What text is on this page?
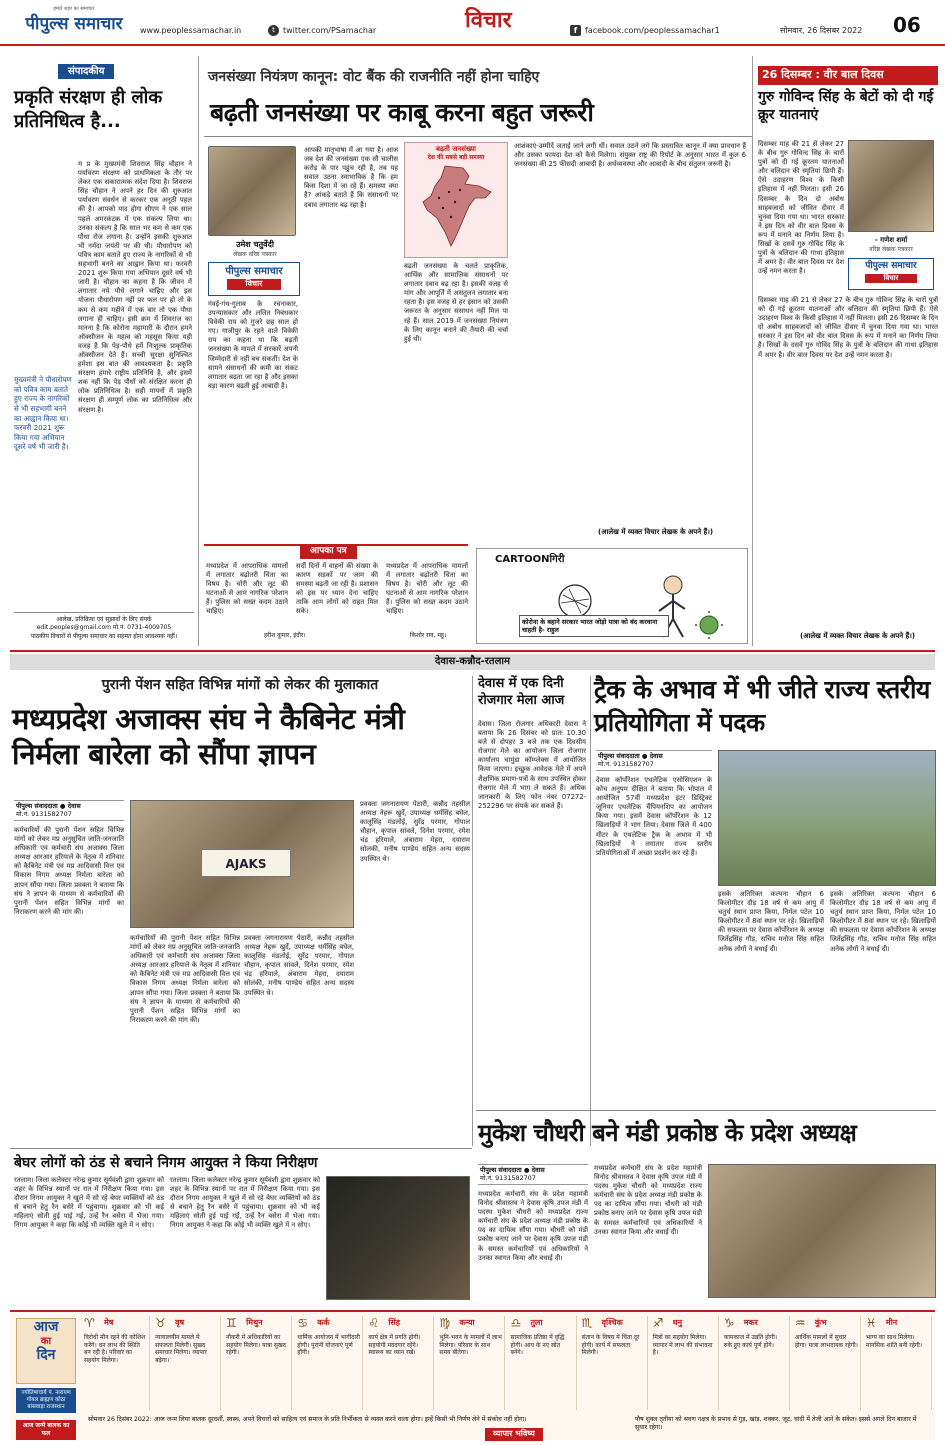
हमारे शहर का समाचार
पीपुल्स समाचार	www.peoplessamachar.in	t	twitter.com/PSamachar	विचार	f facebook.com/peoplessamachar1	सोमवार, 26 दिसंबर 2022 06
संपादकीय
प्रकृति संरक्षण ही लोक प्रतिनिधित्व है...
म प्र के मुख्यमंत्री शिवराज सिंह चौहान ने पर्यावरण संरक्षण को प्राथमिकता के तौर पर लेकर एक सकारात्मक संदेश दिया है। शिवराज सिंह चौहान ने अपने हर दिन की शुरुआत पर्यावरण संवर्धन से करकर एक अनूठी पहल की है। आपको याद होगा सीएम ने एक साल पहले अमरकंटक में एक संकल्प लिया था। उनका संकल्प है कि साल भर कम से कम एक पौधा रोज लगाना है। उन्होंने इसकी शुरुआत भी नर्मदा जयंती पर की थी। पौधारोपण को पवित्र काम बताते हुए राज्य के नागरिकों से भी सहभागी बनने का आह्वान किया था। फरवरी 2021 शुरू किया गया अभियान दूसरे वर्ष भी जारी है। चौहान का कहना है कि जीवन में लगातार नये पौधे लगाने चाहिए और इस योजना पौधारोपण नहीं पर फल पर हो तो के कम से कम महीने में एक बार तो एक पौधा लगाना ही चाहिए। इसी क्रम में शिवराज का मानना है कि कोरोना महामारी के दौरान हमने ऑक्सीजन के महत्व को महसूस किया यही वजह है कि पेड़-पौधे हमें निःशुल्क प्राकृतिक ऑक्सीजन देते हैं। सच्ची सुरक्षा सुनिश्चित हमेशा इस बात की आवश्यकता है। प्रकृति संरक्षण हमारे राष्ट्रीय प्रतिनिधि है, और इसमें शक नहीं कि पेड़ पौधों को संरक्षित करना ही लोक प्रतिनिधित्व है। सही मायनों में प्रकृति संरक्षण ही सम्पूर्ण लोक का प्रतिनिधित्व और संरक्षण है।
मुख्यमंत्री ने पौधारोपण को पवित्र काम बताते हुए राज्य के नागरिकों से भी सहभागी बनने का आह्वान किया था। फरवरी 2021 शुरू किया गया अभियान दूसरे वर्ष भी जारी है।
आलेख, प्रतिक्रिया एवं सुझावों के लिए संपर्क
edit.peoples@gmail.com मो.नं. 0731-4009705
पाठकीय विचारों से पीपुल्स समाचार का सहमत होना आवश्यक नहीं।
जनसंख्या नियंत्रण कानून: वोट बैंक की राजनीति नहीं होना चाहिए
बढ़ती जनसंख्या पर काबू करना बहुत जरूरी
उमेश चतुर्वेदी
लेखक वरिष्ठ पत्रकार
पीपुल्स समाचार
विचार
गंवई-गंध-गुलाब के रचनाकार, उपन्यासकार और ललित निबंधकार विवेकी राय को गुजरे छह साल हो गए। गाजीपुर के रहने वाले विवेकी राय का कहना था कि बढ़ती जनसंख्या के मामले में सरकारें अपनी जिम्मेदारी से नहीं बच सकतीं। देश के सामने संसाधनों की कमी का संकट लगातार बढ़ता जा रहा है और इसका बड़ा कारण बढ़ती हुई आबादी है।
आपकी मातृभाषा में आ गया है। आज जब देश की जनसंख्या एक सौ चालीस करोड़ के पार पहुंच रही है, तब यह सवाल उठना स्वाभाविक है कि हम किस दिशा में जा रहे हैं। समस्या क्या है? आंकड़े बताते हैं कि संसाधनों पर दबाव लगातार बढ़ रहा है।
बढ़ती जनसंख्या
देश की सबसे बड़ी समस्या
बढ़ती जनसंख्या के चलते प्राकृतिक, आर्थिक और सामाजिक संसाधनों पर लगातार दबाव बढ़ रहा है। इसकी वजह से मांग और आपूर्ति में असंतुलन लगातार बना रहता है। इस वजह से हर इंसान को उसकी जरूरत के अनुसार संसाधन नहीं मिल पा रहे हैं। साल 2019 में जनसंख्या नियंत्रण के लिए कानून बनाने की तैयारी की चर्चा हुई थी।
आशंकाएं-उम्मीदें जताई जाने लगी थीं। सवाल उठने लगे कि प्रस्तावित कानून में क्या प्रावधान हैं और उसका फायदा देश को कैसे मिलेगा। संयुक्त राष्ट्र की रिपोर्ट के अनुसार भारत में कुल 6 जनसंख्या की 25 फीसदी आबादी है। अर्थव्यवस्था और आबादी के बीच संतुलन जरूरी है।
(आलेख में व्यक्त विचार लेखक के अपने हैं।)
26 दिसम्बर : वीर बाल दिवस
गुरु गोविन्द सिंह के बेटों को दी गई क्रूर यातनाएं
- गणेश शर्मा
वरिष्ठ लेखक पत्रकार
पीपुल्स समाचार
विचार
दिसम्बर माह की 21 से लेकर 27 के बीच गुरु गोविन्द सिंह के चारों पुत्रों को दी गई क्रूरतम यातनाओं और बलिदान की स्मृतियां छिपी हैं। ऐसे उदाहरण विश्व के किसी इतिहास में नहीं मिलता। इसी 26 दिसम्बर के दिन दो अबोध साहबजादों को जीवित दीवार में चुनवा दिया गया था। भारत सरकार ने इस दिन को वीर बाल दिवस के रूप में मनाने का निर्णय लिया है। सिखों के दसवें गुरु गोविंद सिंह के पुत्रों के बलिदान की गाथा इतिहास में अमर है। वीर बाल दिवस पर देश उन्हें नमन करता है।
दिसम्बर माह की 21 से लेकर 27 के बीच गुरु गोविन्द सिंह के चारों पुत्रों को दी गई क्रूरतम यातनाओं और बलिदान की स्मृतियां छिपी हैं। ऐसे उदाहरण विश्व के किसी इतिहास में नहीं मिलता। इसी 26 दिसम्बर के दिन दो अबोध साहबजादों को जीवित दीवार में चुनवा दिया गया था। भारत सरकार ने इस दिन को वीर बाल दिवस के रूप में मनाने का निर्णय लिया है। सिखों के दसवें गुरु गोविंद सिंह के पुत्रों के बलिदान की गाथा इतिहास में अमर है। वीर बाल दिवस पर देश उन्हें नमन करता है।
(आलेख में व्यक्त विचार लेखक के अपने हैं।)
आपका पत्र
मध्यप्रदेश में आपराधिक मामलों में लगातार बढ़ोतरी चिंता का विषय है। चोरी और लूट की घटनाओं से आम नागरिक परेशान हैं। पुलिस को सख्त कदम उठाने चाहिए।
सर्दी दिनों में वाहनों की संख्या के कारण सड़कों पर जाम की समस्या बढ़ती जा रही है। प्रशासन को इस पर ध्यान देना चाहिए ताकि आम लोगों को राहत मिल सके।
मध्यप्रदेश में आपराधिक मामलों में लगातार बढ़ोतरी चिंता का विषय है। चोरी और लूट की घटनाओं से आम नागरिक परेशान हैं। पुलिस को सख्त कदम उठाने चाहिए।
हरीश कुमार, इंदौर।	किशोर राव, महू।
CARTOONगिरी
कोरोना के बहाने सरकार भारत जोड़ो यात्रा को बंद करवाना चाहती है- राहुल
देवास-कन्नौद-रतलाम
पुरानी पेंशन सहित विभिन्न मांगों को लेकर की मुलाकात
मध्यप्रदेश अजाक्स संघ ने कैबिनेट मंत्री निर्मला बारेला को सौंपा ज्ञापन
पीपुल्स संवाददाता ● देवास
मो.नं. 9131582707
कर्मचारियों की पुरानी पेंशन सहित विभिन्न मांगों को लेकर मप्र अनुसूचित जाति-जनजाति अधिकारी एवं कर्मचारी संघ अजाक्स जिला अध्यक्ष आरआर हरियाले के नेतृत्व में शनिवार को कैबिनेट मंत्री एवं मप्र आदिवासी वित्त एवं विकास निगम अध्यक्ष निर्मला बारेला को ज्ञापन सौंपा गया। जिला प्रवक्ता ने बताया कि संघ ने ज्ञापन के माध्यम से कर्मचारियों की पुरानी पेंशन सहित विभिन्न मांगों का निराकरण करने की मांग की।
AJAKS
कर्मचारियों की पुरानी पेंशन सहित विभिन्न मांगों को लेकर मप्र अनुसूचित जाति-जनजाति अधिकारी एवं कर्मचारी संघ अजाक्स जिला अध्यक्ष आरआर हरियाले के नेतृत्व में शनिवार को कैबिनेट मंत्री एवं मप्र आदिवासी वित्त एवं विकास निगम अध्यक्ष निर्मला बारेला को ज्ञापन सौंपा गया। जिला प्रवक्ता ने बताया कि संघ ने ज्ञापन के माध्यम से कर्मचारियों की पुरानी पेंशन सहित विभिन्न मांगों का निराकरण करने की मांग की।
प्रवक्ता जगनारायण पेठारी, कन्नौद तहसील अध्यक्ष नेहरू खुर्दे, उपाध्यक्ष धर्मसिंह बघेल, कालूसिंह मंडलोई, सुरेंद्र परमार, गोपाल चौहान, कृपाल सांवले, दिनेश परमार, रमेश चंद्र हरियाले, अंबाराम मेहरा, दयाराम सोलंकी, मनीष पाण्डेय सहित अन्य सदस्य उपस्थित थे।
प्रवक्ता जगनारायण पेठारी, कन्नौद तहसील अध्यक्ष नेहरू खुर्दे, उपाध्यक्ष धर्मसिंह बघेल, कालूसिंह मंडलोई, सुरेंद्र परमार, गोपाल चौहान, कृपाल सांवले, दिनेश परमार, रमेश चंद्र हरियाले, अंबाराम मेहरा, दयाराम सोलंकी, मनीष पाण्डेय सहित अन्य सदस्य उपस्थित थे।
देवास में एक दिनी रोजगार मेला आज
देवास। जिला रोजगार अधिकारी देवास ने बताया कि 26 दिसंबर को प्रातः 10.30 बजे से दोपहर 3 बजे तक एक दिवसीय रोजगार मेले का आयोजन जिला रोजगार कार्यालय चामुंडा कॉम्प्लेक्स में आयोजित किया जाएगा। इच्छुक आवेदक मेले में अपने शैक्षणिक प्रमाण-पत्रों के साथ उपस्थित होकर रोजगार मेले में भाग ले सकते हैं। अधिक जानकारी के लिए फोन नंबर 07272-252296 पर संपर्क कर सकते हैं।
ट्रैक के अभाव में भी जीते राज्य स्तरीय प्रतियोगिता में पदक
पीपुल्स संवाददाता ● देवास
मो.नं. 9131582707
देवास कॉर्पोरेशन एथलेटिक एसोसिएशन के कोच अनुपम दीक्षित ने बताया कि भोपाल में आयोजित 57वीं मध्यप्रदेश इंटर डिस्ट्रिक्ट जूनियर एथलेटिक चैंपियनशिप का आयोजन किया गया। इसमें देवास कॉर्पोरेशन के 12 खिलाड़ियों ने भाग लिया। देवास जिले में 400 मीटर के एथलेटिक ट्रैक के अभाव में भी खिलाड़ियों ने लगातार राज्य स्तरीय प्रतियोगिताओं में अच्छा प्रदर्शन कर रहे हैं।
इसके अतिरिक्त कल्पना चौहान 6 किलोमीटर दौड़ 18 वर्ष से कम आयु में चतुर्थ स्थान प्राप्त किया, निर्मल पटेल 10 किलोमीटर में 8वां स्थान पर रहे। खिलाड़ियों की सफलता पर देवास कॉर्पोरेशन के अध्यक्ष जितेंद्रसिंह गौड़, सचिव मनोज सिंह सहित अनेक लोगों ने बधाई दी।
इसके अतिरिक्त कल्पना चौहान 6 किलोमीटर दौड़ 18 वर्ष से कम आयु में चतुर्थ स्थान प्राप्त किया, निर्मल पटेल 10 किलोमीटर में 8वां स्थान पर रहे। खिलाड़ियों की सफलता पर देवास कॉर्पोरेशन के अध्यक्ष जितेंद्रसिंह गौड़, सचिव मनोज सिंह सहित अनेक लोगों ने बधाई दी।
मुकेश चौधरी बने मंडी प्रकोष्ठ के प्रदेश अध्यक्ष
पीपुल्स संवाददाता ● देवास
मो.नं. 9131582707
मध्यप्रदेश कर्मचारी संघ के प्रदेश महामंत्री विनोद श्रीवास्तव ने देवास कृषि उपज मंडी में पदस्थ मुकेश चौधरी को मध्यप्रदेश राज्य कर्मचारी संघ के प्रदेश अध्यक्ष मंडी प्रकोष्ठ के पद का दायित्व सौंपा गया। चौधरी को मंडी प्रकोष्ठ बनाए जाने पर देवास कृषि उपज मंडी के समस्त कर्मचारियों एवं अधिकारियों ने उनका स्वागत किया और बधाई दी।
मध्यप्रदेश कर्मचारी संघ के प्रदेश महामंत्री विनोद श्रीवास्तव ने देवास कृषि उपज मंडी में पदस्थ मुकेश चौधरी को मध्यप्रदेश राज्य कर्मचारी संघ के प्रदेश अध्यक्ष मंडी प्रकोष्ठ के पद का दायित्व सौंपा गया। चौधरी को मंडी प्रकोष्ठ बनाए जाने पर देवास कृषि उपज मंडी के समस्त कर्मचारियों एवं अधिकारियों ने उनका स्वागत किया और बधाई दी।
बेघर लोगों को ठंड से बचाने निगम आयुक्त ने किया निरीक्षण
रतलाम। जिला कलेक्टर नरेन्द्र कुमार सूर्यवंशी द्वारा शुक्रवार को शहर के विभिन्न स्थानों पर रात में निरीक्षण किया गया। इस दौरान निगम आयुक्त ने खुले में सो रहे बेघर व्यक्तियों को ठंड से बचाने हेतु रैन बसेरे में पहुंचाया। शुक्रवार को भी कई महिलाएं सोती हुई पाई गईं, उन्हें रैन बसेरा में भेजा गया। निगम आयुक्त ने कहा कि कोई भी व्यक्ति खुले में न सोए।
रतलाम। जिला कलेक्टर नरेन्द्र कुमार सूर्यवंशी द्वारा शुक्रवार को शहर के विभिन्न स्थानों पर रात में निरीक्षण किया गया। इस दौरान निगम आयुक्त ने खुले में सो रहे बेघर व्यक्तियों को ठंड से बचाने हेतु रैन बसेरे में पहुंचाया। शुक्रवार को भी कई महिलाएं सोती हुई पाई गईं, उन्हें रैन बसेरा में भेजा गया। निगम आयुक्त ने कहा कि कोई भी व्यक्ति खुले में न सोए।
आज
का
दिन
ज्योतिषाचार्य पं. नारायण गोयल ब्राह्मण कोठा बांसवाड़ा राजस्थान
आज जन्मे बालक का फल
♈ मेष
विरोधी मौन रहने की कोशिश करेंगे। धन लाभ की स्थिति बन रही है। परिवार का सहयोग मिलेगा।
♉ वृष
न्यायालयीन मामले में सफलता मिलेगी। सुखद समाचार मिलेगा। व्यापार बढ़ेगा।
♊ मिथुन
नौकरी में अधिकारियों का सहयोग मिलेगा। यात्रा सुखद रहेगी।
♋ कर्क
धार्मिक आयोजन में भागीदारी होगी। पुरानी योजनाएं पूर्ण होंगी।
♌ सिंह
कार्य क्षेत्र में प्रगति होगी। सहयोगी मददगार रहेंगे। स्वास्थ्य का ध्यान रखें।
♍ कन्या
भूमि-भवन के मामलों में लाभ मिलेगा। परिवार के साथ समय बीतेगा।
♎ तुला
सामाजिक प्रतिष्ठा में वृद्धि होगी। आय के नए स्रोत बनेंगे।
♏ वृश्चिक
संतान के विषय में चिंता दूर होगी। कार्य में सफलता मिलेगी।
♐ धनु
मित्रों का सहयोग मिलेगा। व्यापार में लाभ की संभावना है।
♑ मकर
कामकाज में उन्नति होगी। रुके हुए कार्य पूर्ण होंगे।
♒ कुंभ
आर्थिक मामलों में सुधार होगा। यात्रा लाभदायक रहेगी।
♓ मीन
भाग्य का साथ मिलेगा। मानसिक शांति बनी रहेगी।
सोमवार 26 दिसंबर 2022: आज जन्म लिया बालक दूरदर्शी, स्वस्थ, अपने विचारों को साहित्य एवं समाज के प्रति निर्भीकता से व्यक्त करने वाला होगा। इन्हें किसी भी निर्णय लेने में संकोच नहीं होगा।
व्यापार भविष्य
पौष शुक्ल तृतीया को श्रवण नक्षत्र के प्रभाव से गुड़, खांड, शक्कर, जूट, चांदी में तेजी आने के संकेत। इससे अगले दिन बाजार में सुधार रहेगा।
